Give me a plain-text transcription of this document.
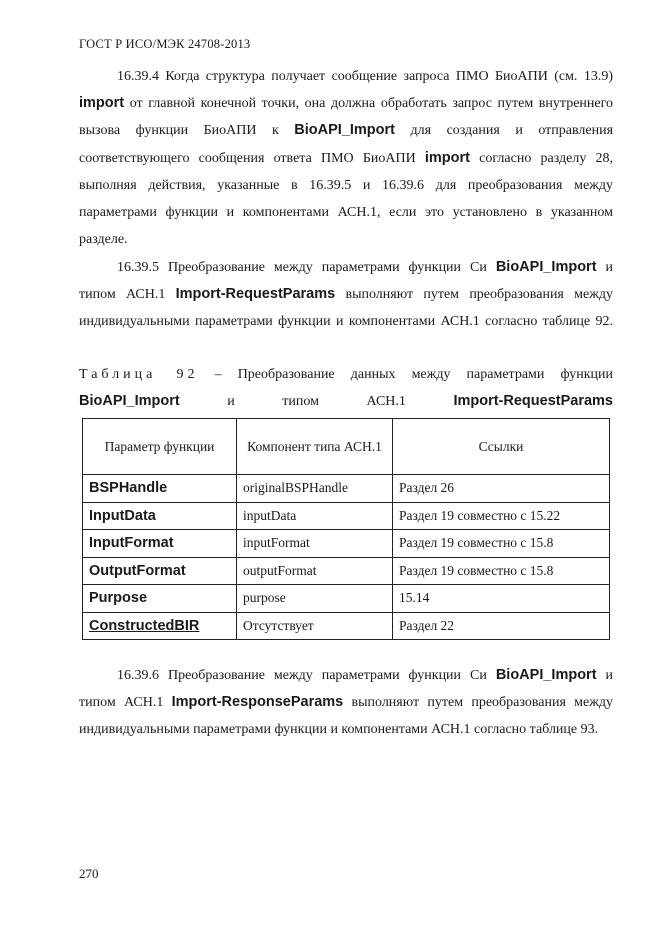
ГОСТ Р ИСО/МЭК 24708-2013
16.39.4 Когда структура получает сообщение запроса ПМО БиоАПИ (см. 13.9) import от главной конечной точки, она должна обработать запрос путем внутреннего вызова функции БиоАПИ к BioAPI_Import для создания и отправления соответствующего сообщения ответа ПМО БиоАПИ import согласно разделу 28, выполняя действия, указанные в 16.39.5 и 16.39.6 для преобразования между параметрами функции и компонентами АСН.1, если это установлено в указанном разделе.
16.39.5 Преобразование между параметрами функции Си BioAPI_Import и типом АСН.1 Import-RequestParams выполняют путем преобразования между индивидуальными параметрами функции и компонентами АСН.1 согласно таблице 92.
Таблица 92 – Преобразование данных между параметрами функции BioAPI_Import	и типом АСН.1	Import-RequestParams
Параметр функции	Компонент типа АСН.1	Ссылки
BSPHandle	originalBSPHandle	Раздел 26
InputData	inputData	Раздел 19 совместно с 15.22
InputFormat	inputFormat	Раздел 19 совместно с 15.8
OutputFormat	outputFormat	Раздел 19 совместно с 15.8
Purpose	purpose	15.14
ConstructedBIR	Отсутствует	Раздел 22
16.39.6 Преобразование между параметрами функции Си BioAPI_Import и типом АСН.1 Import-ResponseParams выполняют путем преобразования между индивидуальными параметрами функции и компонентами АСН.1 согласно таблице 93.
270
